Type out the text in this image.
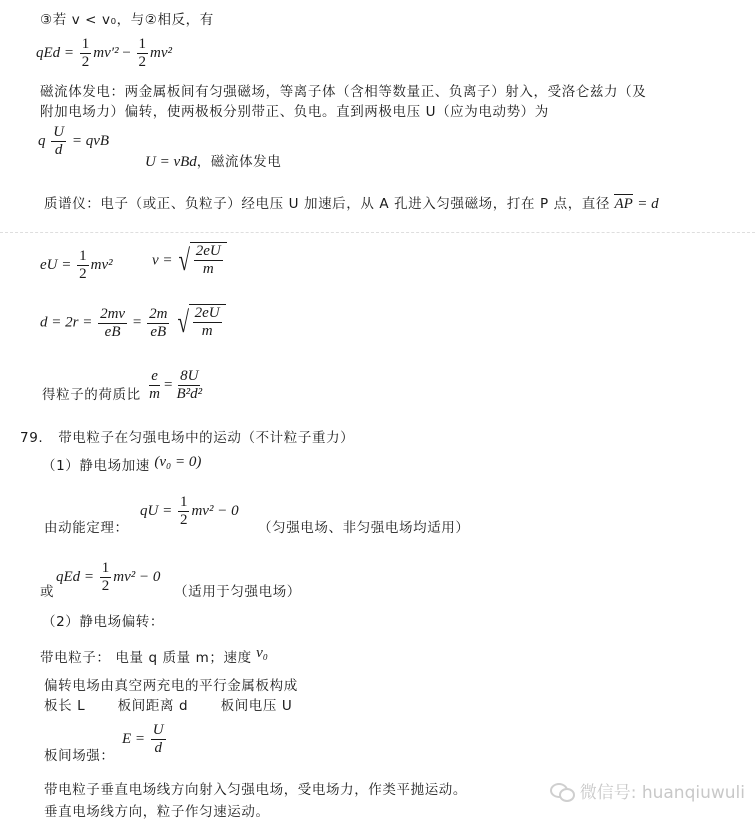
③若 v < v₀，与②相反，有
qEd = $\frac{1}{2} mv'^2 - \frac{1}{2} mv^2$
磁流体发电：两金属板间有匀强磁场，等离子体（含相等数量正、负离子）射入，受洛仑兹力（及
附加电场力）偏转，使两极板分别带正、负电。直到两极电压 U（应为电动势）为
q $\frac{U}{d}$ = qvB
U = vBd，磁流体发电
质谱仪：电子（或正、负粒子）经电压 U 加速后，从 A 孔进入匀强磁场，打在 P 点，直径 AP = d
eU = $\frac{1}{2} mv^2$	v = √ $\frac{2eU}{m}$
$d = 2r = \frac{2mv}{eB} = \frac{2m}{eB}$
√ $\frac{2eU}{m}$
得粒子的荷质比 $\frac{e}{m} = \frac{8U}{\text{B²d²}}$
79. 带电粒子在匀强电场中的运动（不计粒子重力）
（1）静电场加速 (v₀ = 0)
由动能定理：
qU = $\frac{1}{2} mv^2 - 0$
（匀强电场、非匀强电场均适用）
或
qEd = $\frac{1}{2} mv^2 - 0$
（适用于匀强电场）
（2）静电场偏转：
带电粒子： 电量 q 质量 m；速度 v₀
偏转电场由真空两充电的平行金属板构成
板长 L 板间距离 d 板间电压 U
板间场强：
$E = \frac{U}{d}$
带电粒子垂直电场线方向射入匀强电场，受电场力，作类平抛运动。
垂直电场线方向，粒子作匀速运动。
微信号: huanqiuwuli
